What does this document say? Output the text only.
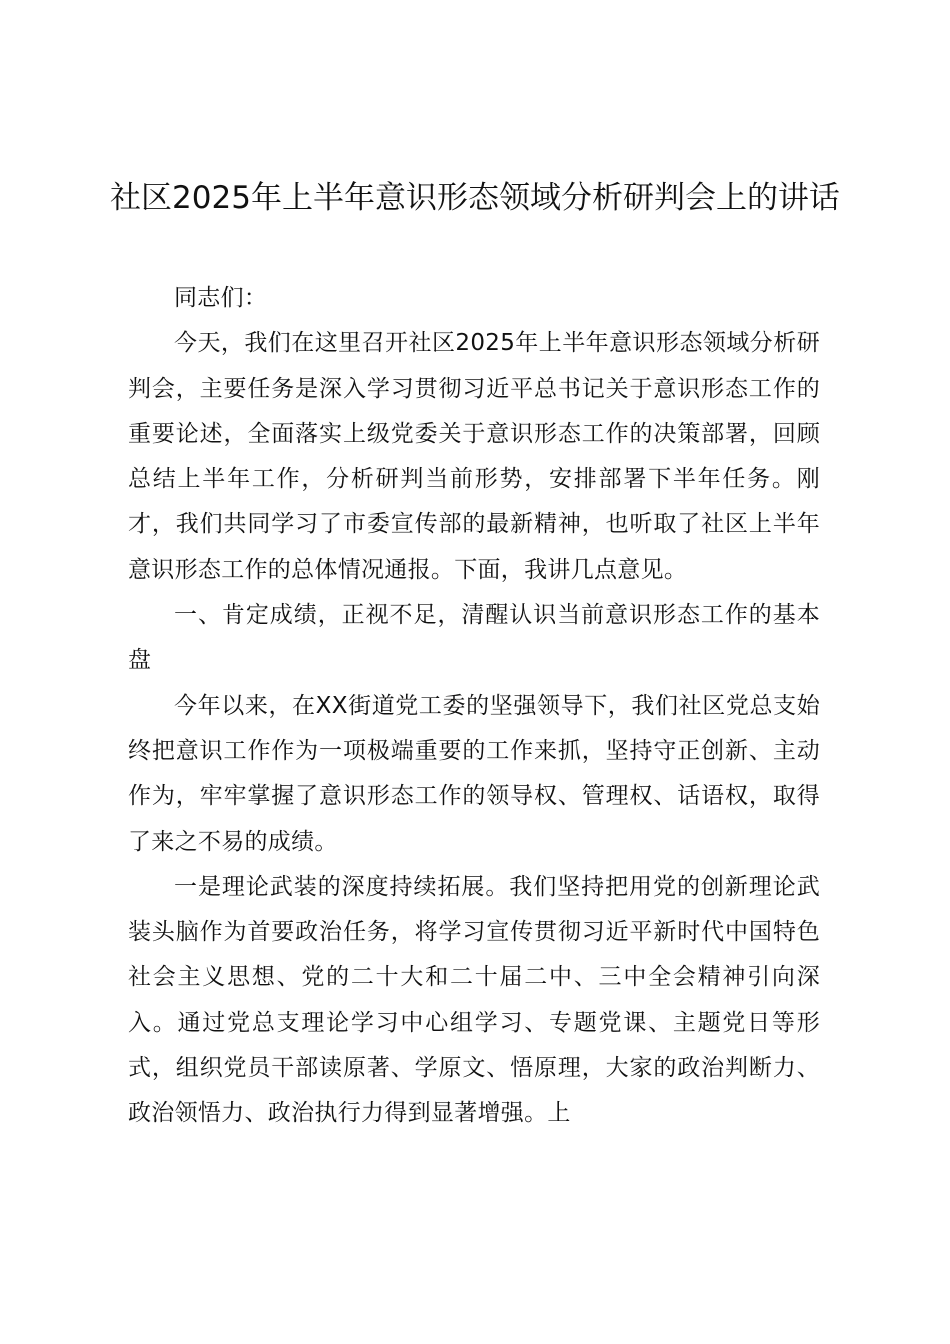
社区2025年上半年意识形态领域分析研判会上的讲话

同志们：

今天，我们在这里召开社区2025年上半年意识形态领域分析研判会，主要任务是深入学习贯彻习近平总书记关于意识形态工作的重要论述，全面落实上级党委关于意识形态工作的决策部署，回顾总结上半年工作，分析研判当前形势，安排部署下半年任务。刚才，我们共同学习了市委宣传部的最新精神，也听取了社区上半年意识形态工作的总体情况通报。下面，我讲几点意见。

一、肯定成绩，正视不足，清醒认识当前意识形态工作的基本盘

今年以来，在XX街道党工委的坚强领导下，我们社区党总支始终把意识工作作为一项极端重要的工作来抓，坚持守正创新、主动作为，牢牢掌握了意识形态工作的领导权、管理权、话语权，取得了来之不易的成绩。

一是理论武装的深度持续拓展。我们坚持把用党的创新理论武装头脑作为首要政治任务，将学习宣传贯彻习近平新时代中国特色社会主义思想、党的二十大和二十届二中、三中全会精神引向深入。通过党总支理论学习中心组学习、专题党课、主题党日等形式，组织党员干部读原著、学原文、悟原理，大家的政治判断力、政治领悟力、政治执行力得到显著增强。上
